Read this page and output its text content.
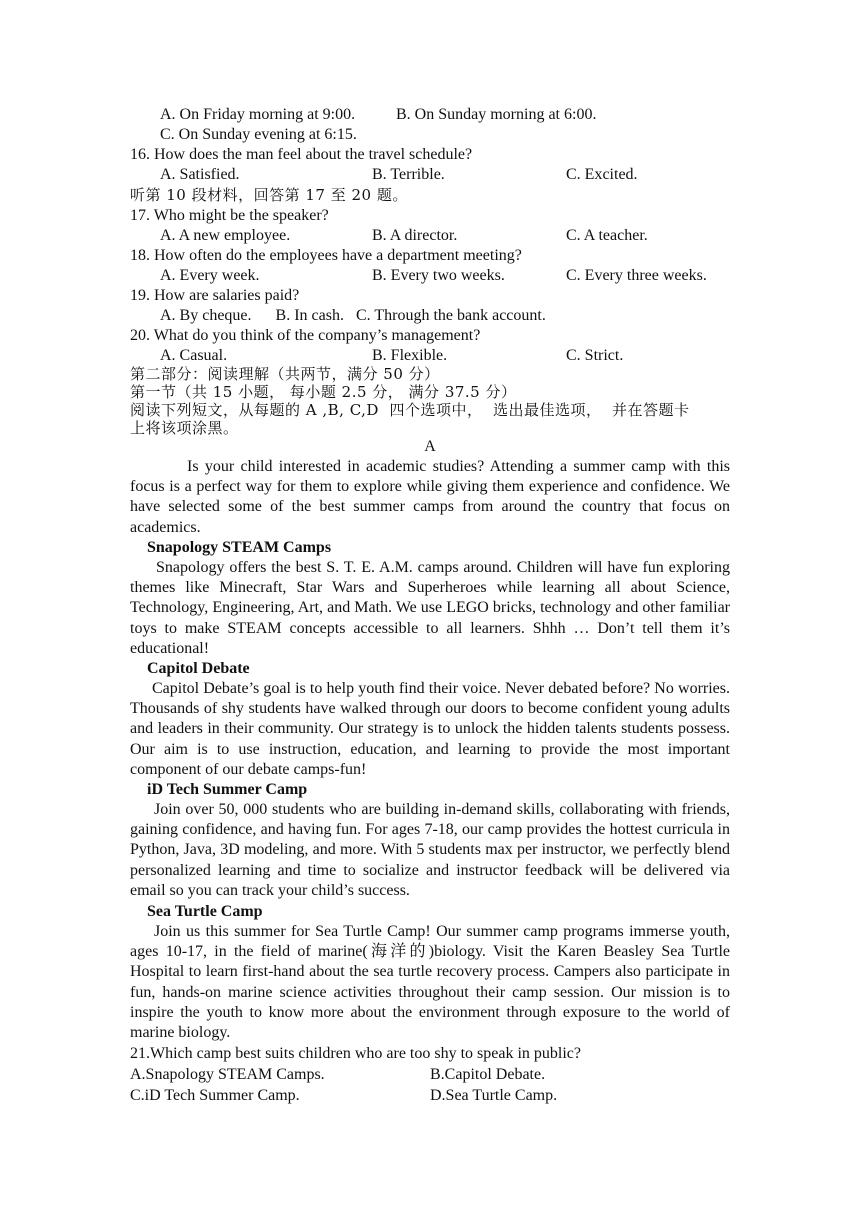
A. On Friday morning at 9:00.	B. On Sunday morning at 6:00.
C. On Sunday evening at 6:15.
16. How does the man feel about the travel schedule?
A. Satisfied.	B. Terrible.	C. Excited.
听第 10 段材料，回答第 17 至 20 题。
17. Who might be the speaker?
A. A new employee.	B. A director.	C. A teacher.
18. How often do the employees have a department meeting?
A. Every week.	B. Every two weeks.	C. Every three weeks.
19. How are salaries paid?
A. By cheque.      B. In cash.   C. Through the bank account.
20. What do you think of the company’s management?
A. Casual.	B. Flexible.	C. Strict.
第二部分：阅读理解（共两节，满分 50 分）
第一节（共 15 小题， 每小题 2.5 分， 满分 37.5 分）
阅读下列短文，从每题的 A ,B, C,D  四个选项中，  选出最佳选项，  并在答题卡
上将该项涂黑。
A
Is your child interested in academic studies? Attending a summer camp with this focus is a perfect way for them to explore while giving them experience and confidence. We have selected some of the best summer camps from around the country that focus on academics.
Snapology STEAM Camps
Snapology offers the best S. T. E. A.M. camps around. Children will have fun exploring themes like Minecraft, Star Wars and Superheroes while learning all about Science, Technology, Engineering, Art, and Math. We use LEGO bricks, technology and other familiar toys to make STEAM concepts accessible to all learners. Shhh … Don’t tell them it’s educational!
Capitol Debate
Capitol Debate’s goal is to help youth find their voice. Never debated before? No worries. Thousands of shy students have walked through our doors to become confident young adults and leaders in their community. Our strategy is to unlock the hidden talents students possess. Our aim is to use instruction, education, and learning to provide the most important component of our debate camps-fun!
iD Tech Summer Camp
Join over 50, 000 students who are building in-demand skills, collaborating with friends, gaining confidence, and having fun. For ages 7-18, our camp provides the hottest curricula in Python, Java, 3D modeling, and more. With 5 students max per instructor, we perfectly blend personalized learning and time to socialize and instructor feedback will be delivered via email so you can track your child’s success.
Sea Turtle Camp
Join us this summer for Sea Turtle Camp! Our summer camp programs immerse youth, ages 10-17, in the field of marine(海洋的)biology. Visit the Karen Beasley Sea Turtle Hospital to learn first-hand about the sea turtle recovery process. Campers also participate in fun, hands-on marine science activities throughout their camp session. Our mission is to inspire the youth to know more about the environment through exposure to the world of marine biology.
21.Which camp best suits children who are too shy to speak in public?
A.Snapology STEAM Camps.	B.Capitol Debate.
C.iD Tech Summer Camp.	D.Sea Turtle Camp.
